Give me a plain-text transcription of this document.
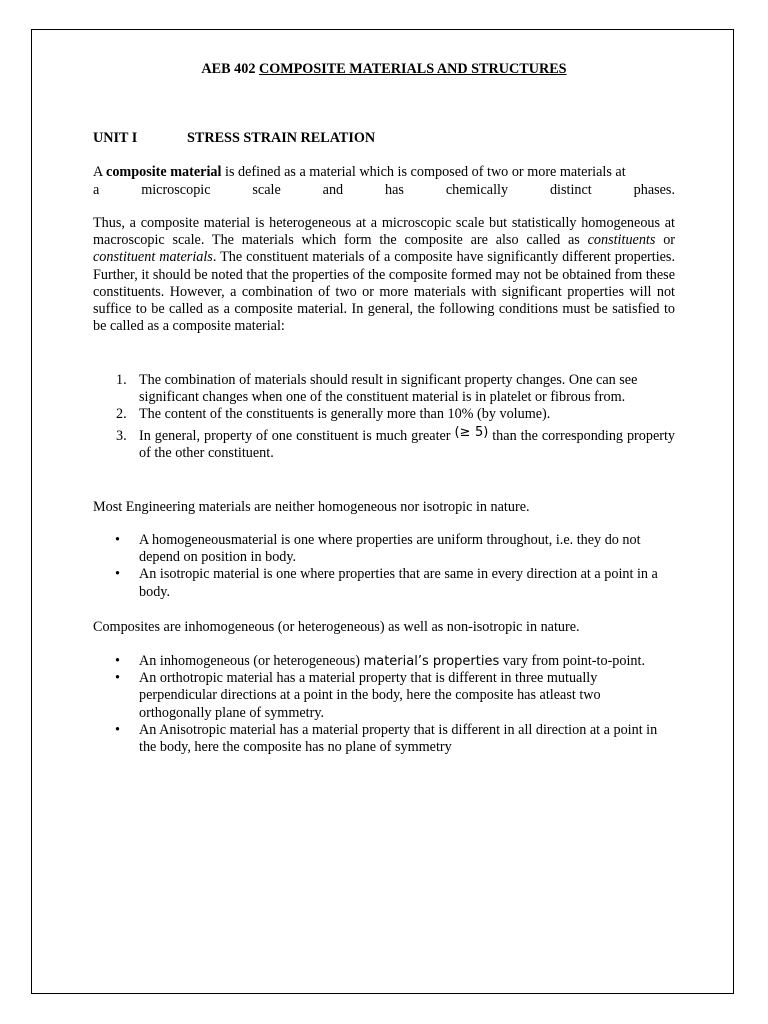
AEB 402 COMPOSITE MATERIALS AND STRUCTURES

UNIT I	STRESS STRAIN RELATION

A composite material is defined as a material which is composed of two or more materials at

a microscopic scale and has chemically distinct phases.

Thus, a composite material is heterogeneous at a microscopic scale but statistically homogeneous at macroscopic scale. The materials which form the composite are also called as constituents or constituent materials. The constituent materials of a composite have significantly different properties. Further, it should be noted that the properties of the composite formed may not be obtained from these constituents. However, a combination of two or more materials with significant properties will not suffice to be called as a composite material. In general, the following conditions must be satisfied to be called as a composite material:

1. The combination of materials should result in significant property changes. One can see significant changes when one of the constituent material is in platelet or fibrous from.
2. The content of the constituents is generally more than 10% (by volume).
3. In general, property of one constituent is much greater (≥ 5) than the corresponding property of the other constituent.

Most Engineering materials are neither homogeneous nor isotropic in nature.

• A homogeneousmaterial is one where properties are uniform throughout, i.e. they do not depend on position in body.
• An isotropic material is one where properties that are same in every direction at a point in a body.

Composites are inhomogeneous (or heterogeneous) as well as non-isotropic in nature.

• An inhomogeneous (or heterogeneous) material’s properties vary from point-to-point.
• An orthotropic material has a material property that is different in three mutually perpendicular directions at a point in the body, here the composite has atleast two orthogonally plane of symmetry.
• An Anisotropic material has a material property that is different in all direction at a point in the body, here the composite has no plane of symmetry
